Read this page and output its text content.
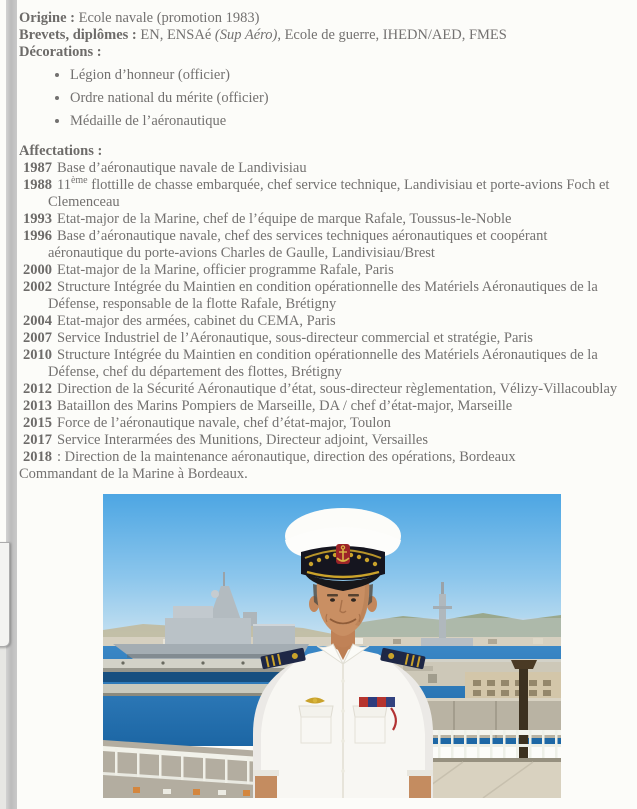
Origine : Ecole navale (promotion 1983)
Brevets, diplômes : EN, ENSAé (Sup Aéro), Ecole de guerre, IHEDN/AED, FMES
Décorations :
• Légion d’honneur (officier)
• Ordre national du mérite (officier)
• Médaille de l’aéronautique
Affectations :
1987 Base d’aéronautique navale de Landivisiau
1988 11ème flottille de chasse embarquée, chef service technique, Landivisiau et porte-avions Foch et Clemenceau
1993 Etat-major de la Marine, chef de l’équipe de marque Rafale, Toussus-le-Noble
1996 Base d’aéronautique navale, chef des services techniques aéronautiques et coopérant aéronautique du porte-avions Charles de Gaulle, Landivisiau/Brest
2000 Etat-major de la Marine, officier programme Rafale, Paris
2002 Structure Intégrée du Maintien en condition opérationnelle des Matériels Aéronautiques de la Défense, responsable de la flotte Rafale, Brétigny
2004 Etat-major des armées, cabinet du CEMA, Paris
2007 Service Industriel de l’Aéronautique, sous-directeur commercial et stratégie, Paris
2010 Structure Intégrée du Maintien en condition opérationnelle des Matériels Aéronautiques de la Défense, chef du département des flottes, Brétigny
2012 Direction de la Sécurité Aéronautique d’état, sous-directeur règlementation, Vélizy-Villacoublay
2013 Bataillon des Marins Pompiers de Marseille, DA / chef d’état-major, Marseille
2015 Force de l’aéronautique navale, chef d’état-major, Toulon
2017 Service Interarmées des Munitions, Directeur adjoint, Versailles
2018 : Direction de la maintenance aéronautique, direction des opérations, Bordeaux

Commandant de la Marine à Bordeaux.
